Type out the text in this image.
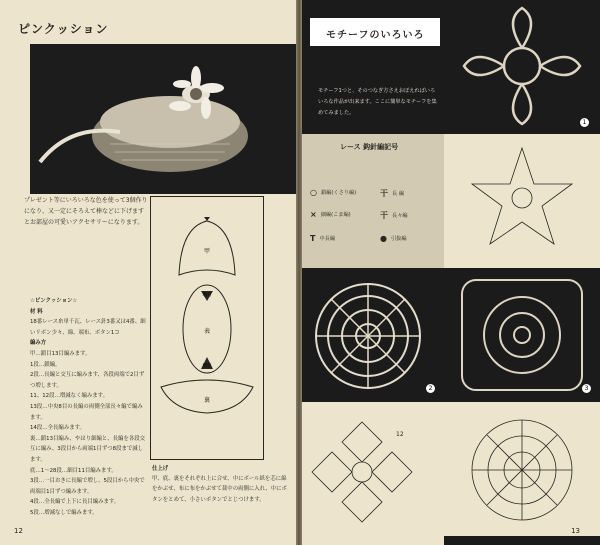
ピンクッション
プレゼント等にいろいろな色を使って3個作りになり、又一定にそろえて棒などに下げますとお部屋の可愛いアクセサリーになります。
甲
表
裏
増目
増目
☆ピンクッション☆
材 料
18番レース糸単千瓦、レース針3番又は4番、細いリボン少々、綿、端布、ボタン1コ
編み方
甲…鎖目13目編みます。
1段…鎖編。
2段…長編と交互に編みます、各段両端で2目ずつ増します。
11、12段…増減なく編みます。
13段…中央8目の長編の両側全部長々編で編みます。
14段…全長編みます。
裏…鎖13目編み、やはり細編と、長編を各段交互に編み、3段目から両端1目ずつ8段まで減します。
底…1～28段…細目11目編みます。
3段…一目おきに長編で増し、5段目から中央で両端目1目ずつ編みます。
4段…全長編で上下に長目編みます。
5段…増減なしで編みます。
仕上げ
甲、底、裏をそれぞれ上に合せ、中にボール紙を芯に綿をかぶせ、布に布をかぶせて裁中の両側に入れ、中にボタンをとめて、小さいボタンでとじつけます。
12
モチーフのいろいろ
モチーフ1つと、そのつなぎ方さえおぼえればいろいろな作品が出来ます。ここに簡単なモチーフを集めてみました。
レース 鈎針編記号
○ 鎖編(くさり編)	干 長 編
× 細編(こま編)	干 長々編
T 中長編	● 引抜編
2
12
1
3
13
